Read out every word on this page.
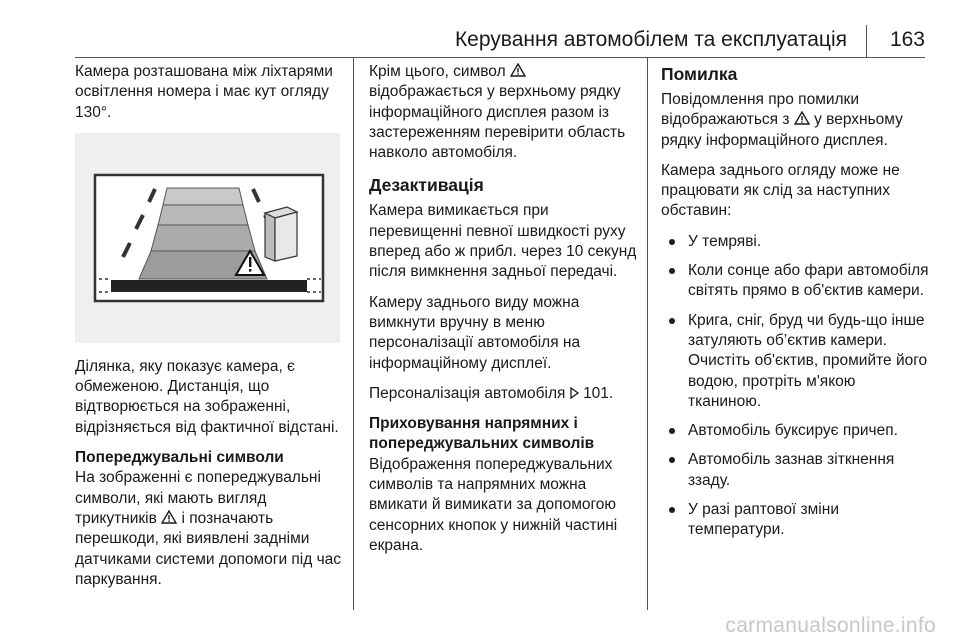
Керування автомобілем та експлуатація 163

Камера розташована між ліхтарями освітлення номера і має кут огляду 130°.

Ділянка, яку показує камера, є обмеженою. Дистанція, що відтворюється на зображенні, відрізняється від фактичної відстані.

Попереджувальні символи

На зображенні є попереджувальні символи, які мають вигляд трикутників і позначають перешкоди, які виявлені задніми датчиками системи допомоги під час паркування.

Крім цього, символ  відображається у верхньому рядку інформаційного дисплея разом із застереженням перевірити область навколо автомобіля.

Дезактивація

Камера вимикається при перевищенні певної швидкості руху вперед або ж прибл. через 10 секунд після вимкнення задньої передачі.

Камеру заднього виду можна вимкнути вручну в меню персоналізації автомобіля на інформаційному дисплеї.

Персоналізація автомобіля 101.

Приховування напрямних і попереджувальних символів

Відображення попереджувальних символів та напрямних можна вмикати й вимикати за допомогою сенсорних кнопок у нижній частині екрана.

Помилка

Повідомлення про помилки відображаються з у верхньому рядку інформаційного дисплея.

Камера заднього огляду може не працювати як слід за наступних обставин:

У темряві.
Коли сонце або фари автомобіля світять прямо в об'єктив камери.
Крига, сніг, бруд чи будь-що інше затуляють об’єктив камери. Очистіть об'єктив, промийте його водою, протріть м'якою тканиною.
Автомобіль буксирує причеп.
Автомобіль зазнав зіткнення ззаду.
У разі раптової зміни температури.
carmanualsonline.info
